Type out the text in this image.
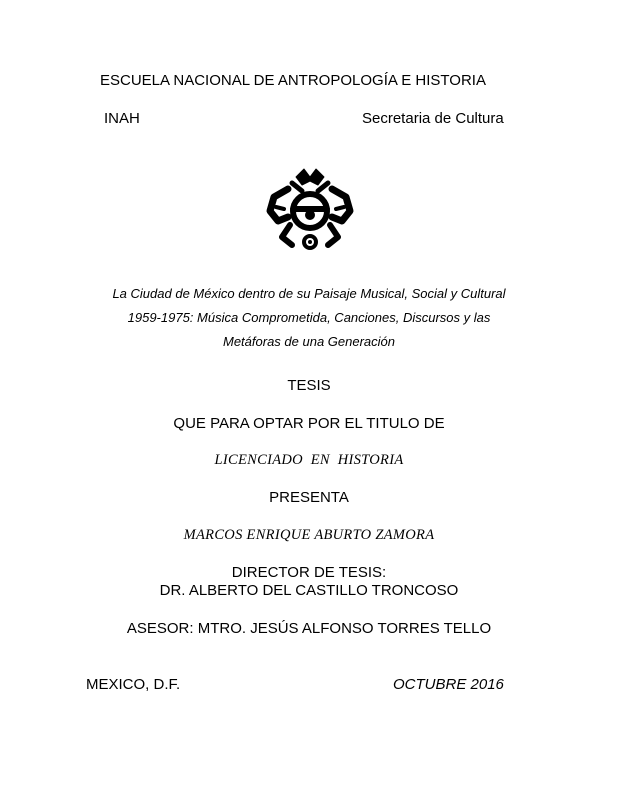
ESCUELA NACIONAL DE ANTROPOLOGÍA E HISTORIA
INAH	Secretaria de Cultura
La Ciudad de México dentro de su Paisaje Musical, Social y Cultural
1959-1975: Música Comprometida, Canciones, Discursos y las
Metáforas de una Generación
TESIS
QUE PARA OPTAR POR EL TITULO DE
LICENCIADO  EN  HISTORIA
PRESENTA
MARCOS ENRIQUE ABURTO ZAMORA
DIRECTOR DE TESIS:
DR. ALBERTO DEL CASTILLO TRONCOSO
ASESOR: MTRO. JESÚS ALFONSO TORRES TELLO
MEXICO, D.F.	OCTUBRE 2016
